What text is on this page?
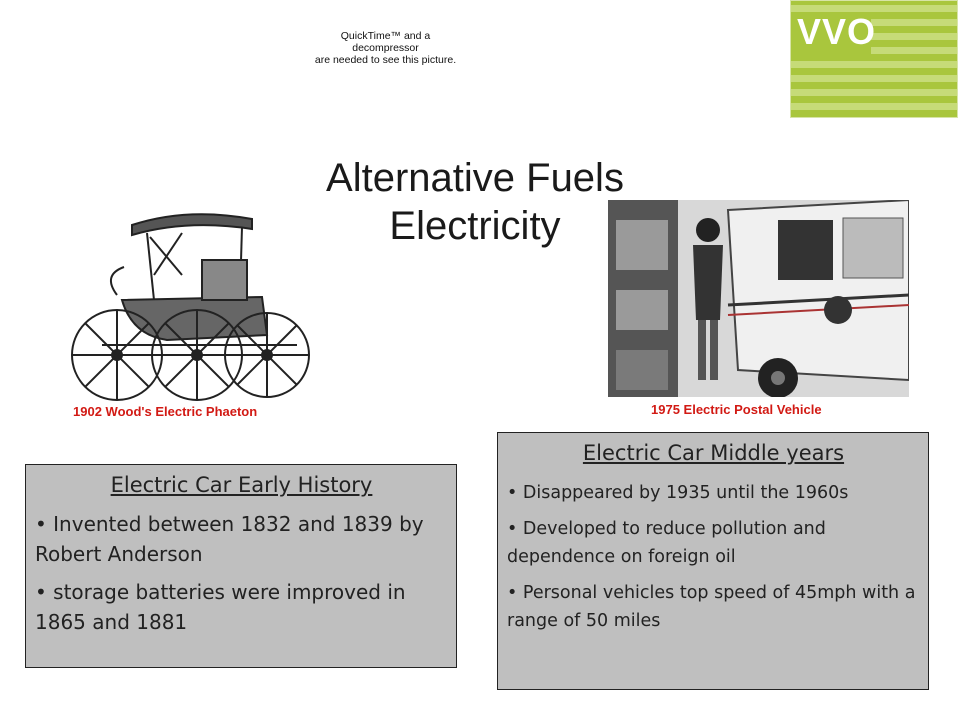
QuickTime™ and a
decompressor
are needed to see this picture.
VVO
Alternative Fuels
Electricity
1902 Wood's Electric Phaeton	1975 Electric Postal Vehicle
Electric Car Early History

• Invented between 1832 and 1839 by Robert Anderson

• storage batteries were improved in 1865 and 1881

Electric Car Middle years

• Disappeared by 1935 until the 1960s

• Developed to reduce pollution and dependence on foreign oil

• Personal vehicles top speed of 45mph with a range of 50 miles
